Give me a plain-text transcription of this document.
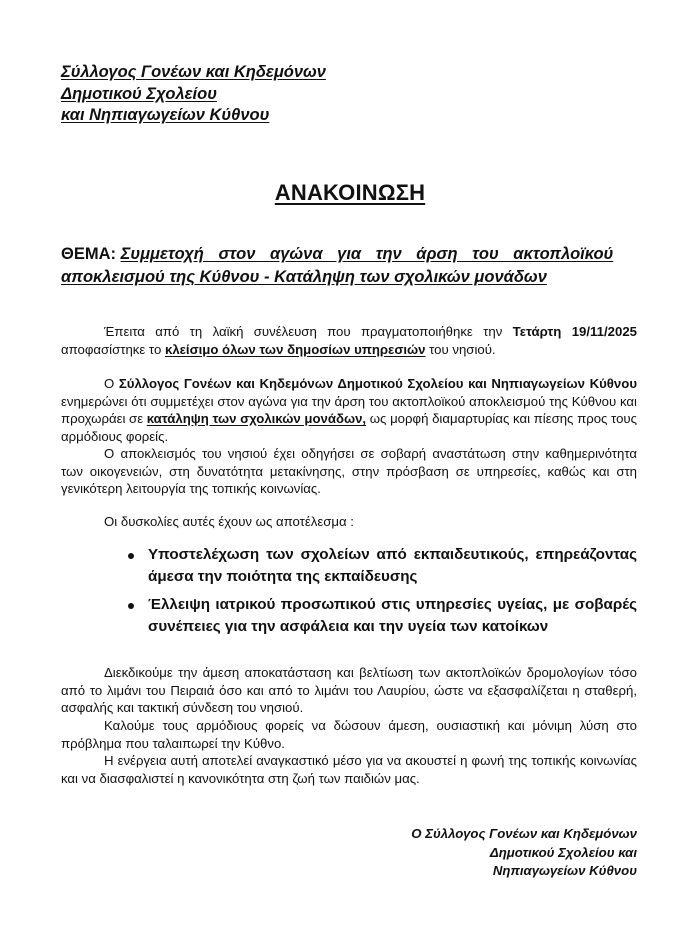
Σύλλογος Γονέων και Κηδεμόνων
Δημοτικού Σχολείου
και Νηπιαγωγείων Κύθνου
ΑΝΑΚΟΙΝΩΣΗ
ΘΕΜΑ: Συμμετοχή στον αγώνα για την άρση του ακτοπλοϊκού
αποκλεισμού της Κύθνου - Κατάληψη των σχολικών μονάδων

Έπειτα από τη λαϊκή συνέλευση που πραγματοποιήθηκε την Τετάρτη 19/11/2025 αποφασίστηκε το κλείσιμο όλων των δημοσίων υπηρεσιών του νησιού.

Ο Σύλλογος Γονέων και Κηδεμόνων Δημοτικού Σχολείου και Νηπιαγωγείων Κύθνου ενημερώνει ότι συμμετέχει στον αγώνα για την άρση του ακτοπλοϊκού αποκλεισμού της Κύθνου και προχωράει σε κατάληψη των σχολικών μονάδων, ως μορφή διαμαρτυρίας και πίεσης προς τους αρμόδιους φορείς.

Ο αποκλεισμός του νησιού έχει οδηγήσει σε σοβαρή αναστάτωση στην καθημερινότητα των οικογενειών, στη δυνατότητα μετακίνησης, στην πρόσβαση σε υπηρεσίες, καθώς και στη γενικότερη λειτουργία της τοπικής κοινωνίας.

Οι δυσκολίες αυτές έχουν ως αποτέλεσμα :

Υποστελέχωση των σχολείων από εκπαιδευτικούς, επηρεάζοντας άμεσα την ποιότητα της εκπαίδευσης
Έλλειψη ιατρικού προσωπικού στις υπηρεσίες υγείας, με σοβαρές συνέπειες για την ασφάλεια και την υγεία των κατοίκων

Διεκδικούμε την άμεση αποκατάσταση και βελτίωση των ακτοπλοϊκών δρομολογίων τόσο από το λιμάνι του Πειραιά όσο και από το λιμάνι του Λαυρίου, ώστε να εξασφαλίζεται η σταθερή, ασφαλής και τακτική σύνδεση του νησιού.

Καλούμε τους αρμόδιους φορείς να δώσουν άμεση, ουσιαστική και μόνιμη λύση στο πρόβλημα που ταλαιπωρεί την Κύθνο.

Η ενέργεια αυτή αποτελεί αναγκαστικό μέσο για να ακουστεί η φωνή της τοπικής κοινωνίας και να διασφαλιστεί η κανονικότητα στη ζωή των παιδιών μας.

Ο Σύλλογος Γονέων και Κηδεμόνων
Δημοτικού Σχολείου και
Νηπιαγωγείων Κύθνου
